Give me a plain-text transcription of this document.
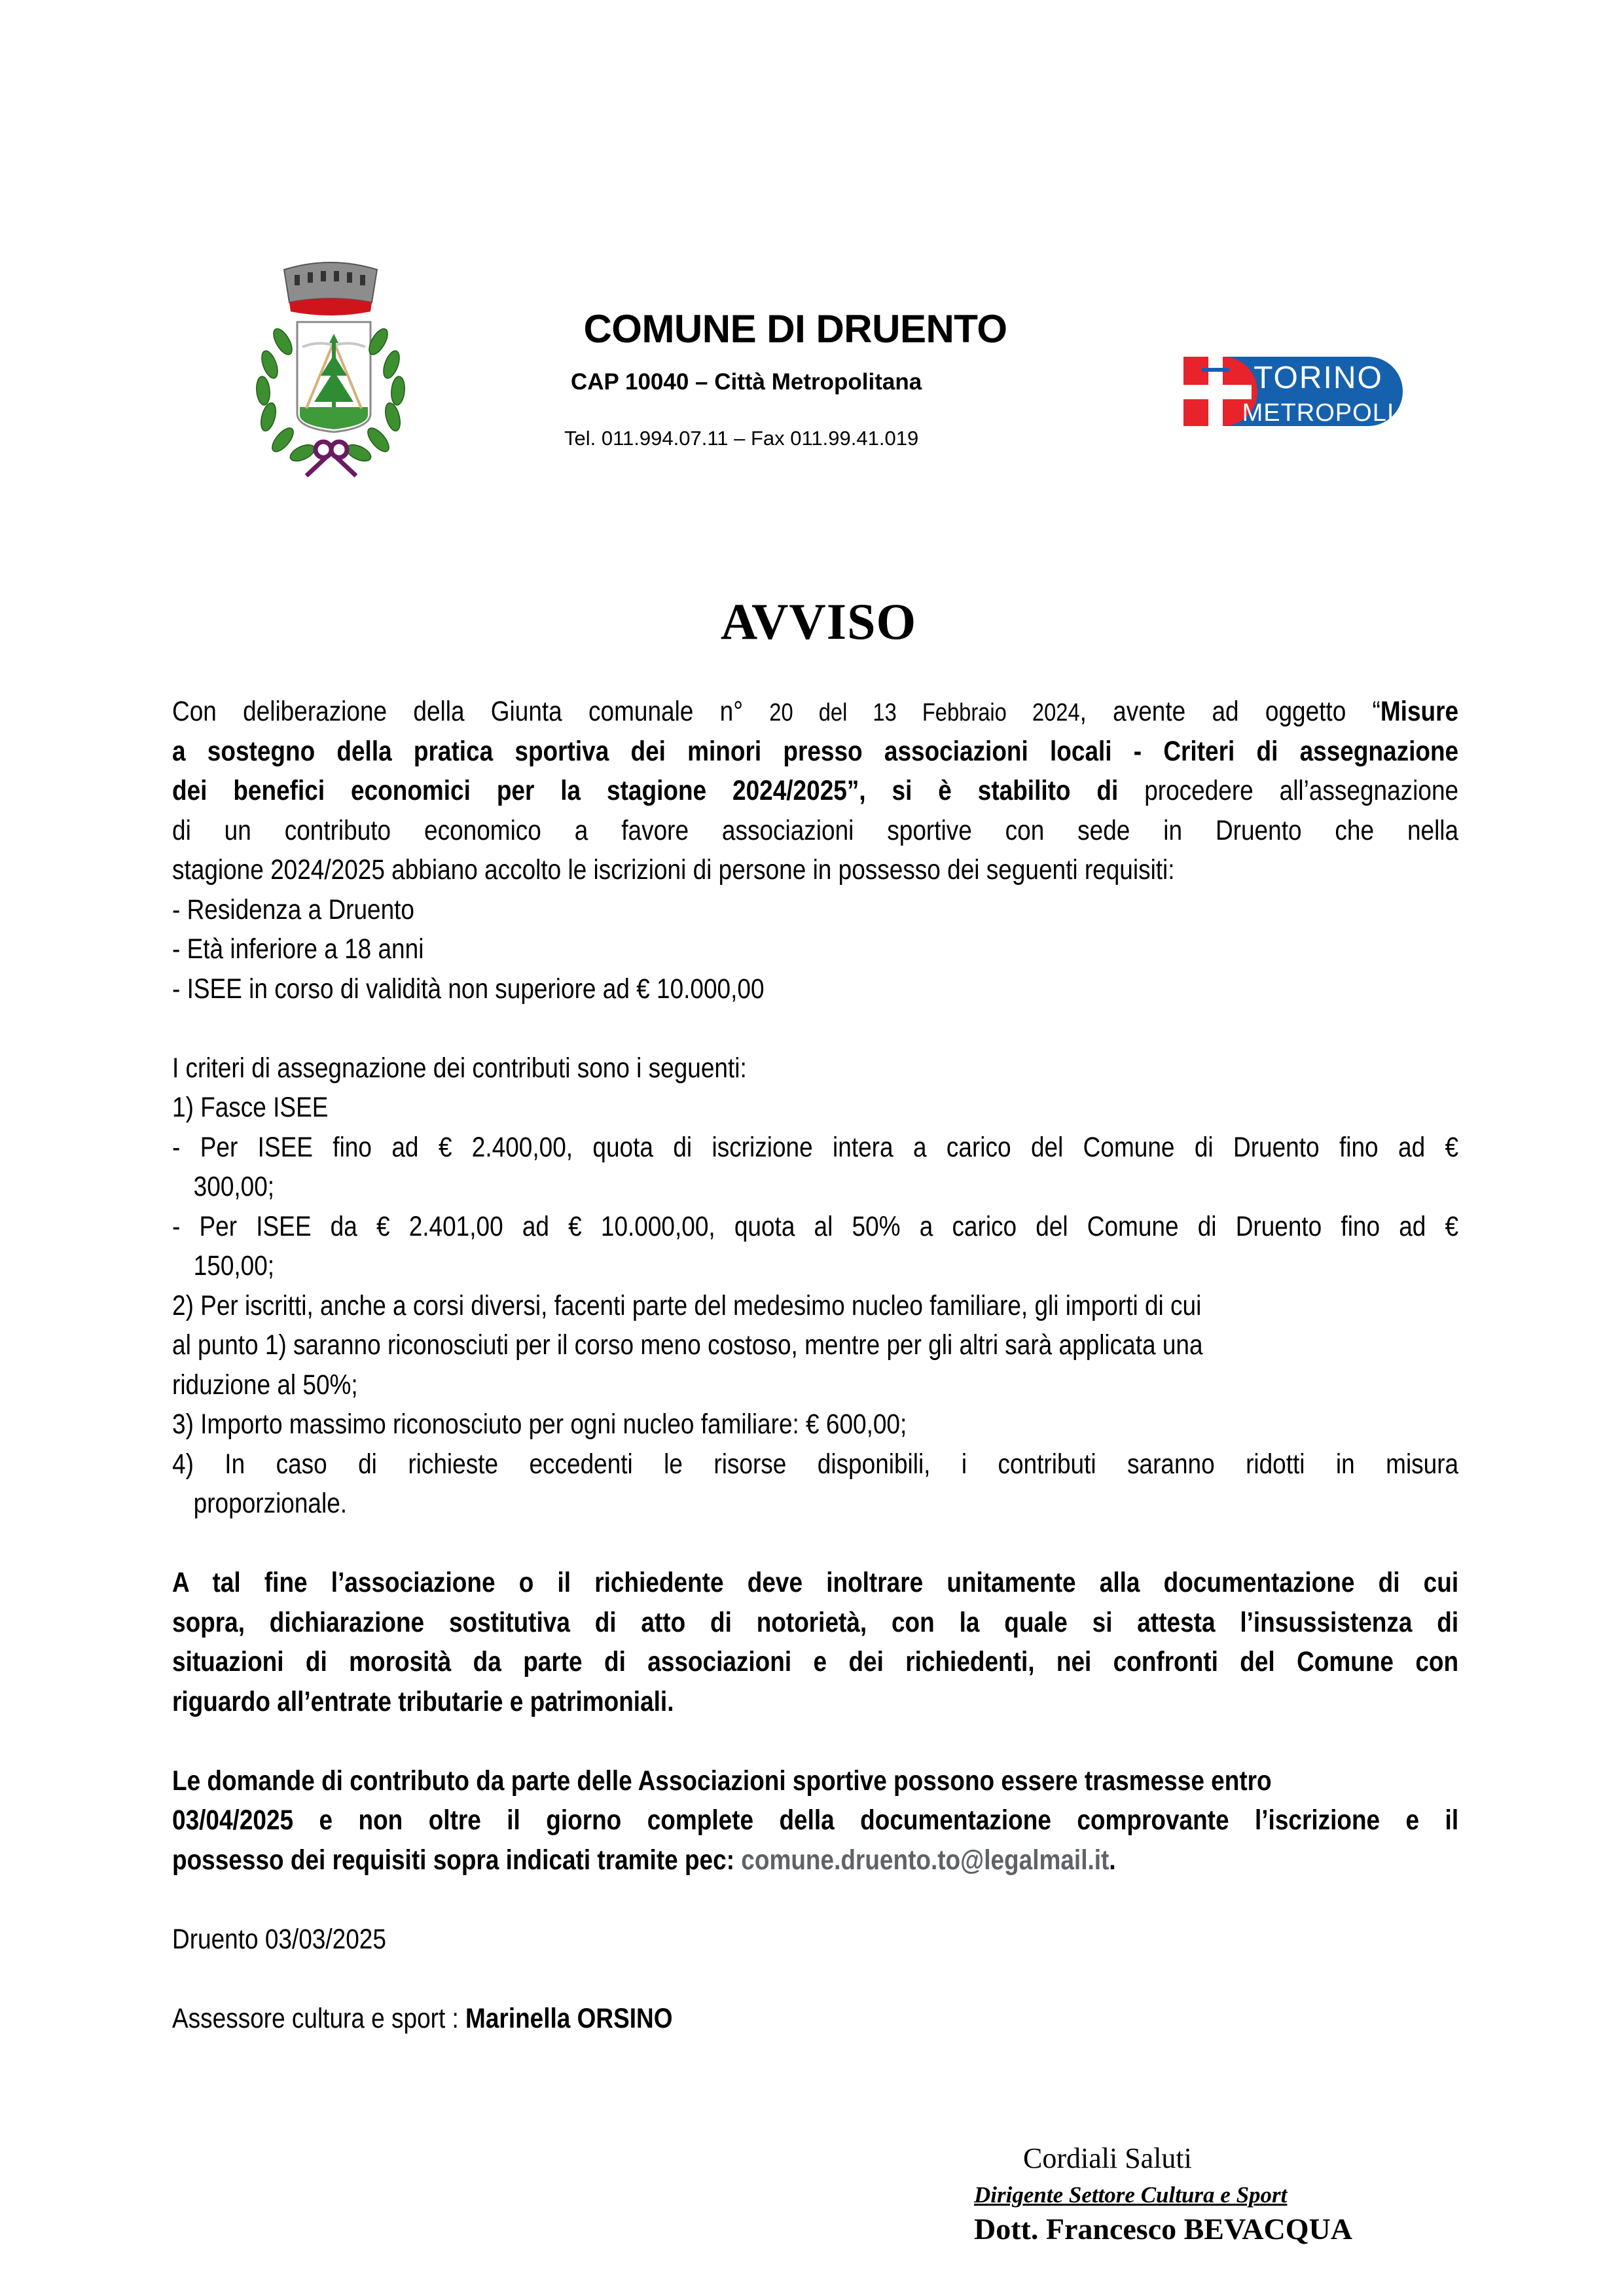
COMUNE DI DRUENTO
CAP 10040 – Città Metropolitana
Tel. 011.994.07.11 – Fax 011.99.41.019
TORINO
METROPOLI
AVVISO
Con deliberazione della Giunta comunale n° 20 del 13 Febbraio 2024, avente ad oggetto “Misure
a sostegno della pratica sportiva dei minori presso associazioni locali - Criteri di assegnazione
dei benefici economici per la stagione 2024/2025”, si è stabilito di procedere all’assegnazione
di un contributo economico a favore associazioni sportive con sede in Druento che nella
stagione 2024/2025 abbiano accolto le iscrizioni di persone in possesso dei seguenti requisiti:
- Residenza a Druento
- Età inferiore a 18 anni
- ISEE in corso di validità non superiore ad € 10.000,00
I criteri di assegnazione dei contributi sono i seguenti:
1) Fasce ISEE
- Per ISEE fino ad € 2.400,00, quota di iscrizione intera a carico del Comune di Druento fino ad €
300,00;
- Per ISEE da € 2.401,00 ad € 10.000,00, quota al 50% a carico del Comune di Druento fino ad €
150,00;
2) Per iscritti, anche a corsi diversi, facenti parte del medesimo nucleo familiare, gli importi di cui
al punto 1) saranno riconosciuti per il corso meno costoso, mentre per gli altri sarà applicata una
riduzione al 50%;
3) Importo massimo riconosciuto per ogni nucleo familiare: € 600,00;
4) In caso di richieste eccedenti le risorse disponibili, i contributi saranno ridotti in misura
proporzionale.
A tal fine l’associazione o il richiedente deve inoltrare unitamente alla documentazione di cui
sopra, dichiarazione sostitutiva di atto di notorietà, con la quale si attesta l’insussistenza di
situazioni di morosità da parte di associazioni e dei richiedenti, nei confronti del Comune con
riguardo all’entrate tributarie e patrimoniali.
Le domande di contributo da parte delle Associazioni sportive possono essere trasmesse entro
03/04/2025 e non oltre il giorno complete della documentazione comprovante l’iscrizione e il
possesso dei requisiti sopra indicati tramite pec: comune.druento.to@legalmail.it.
Druento 03/03/2025
Assessore cultura e sport : Marinella ORSINO
Cordiali Saluti
Dirigente Settore Cultura e Sport
Dott. Francesco BEVACQUA
